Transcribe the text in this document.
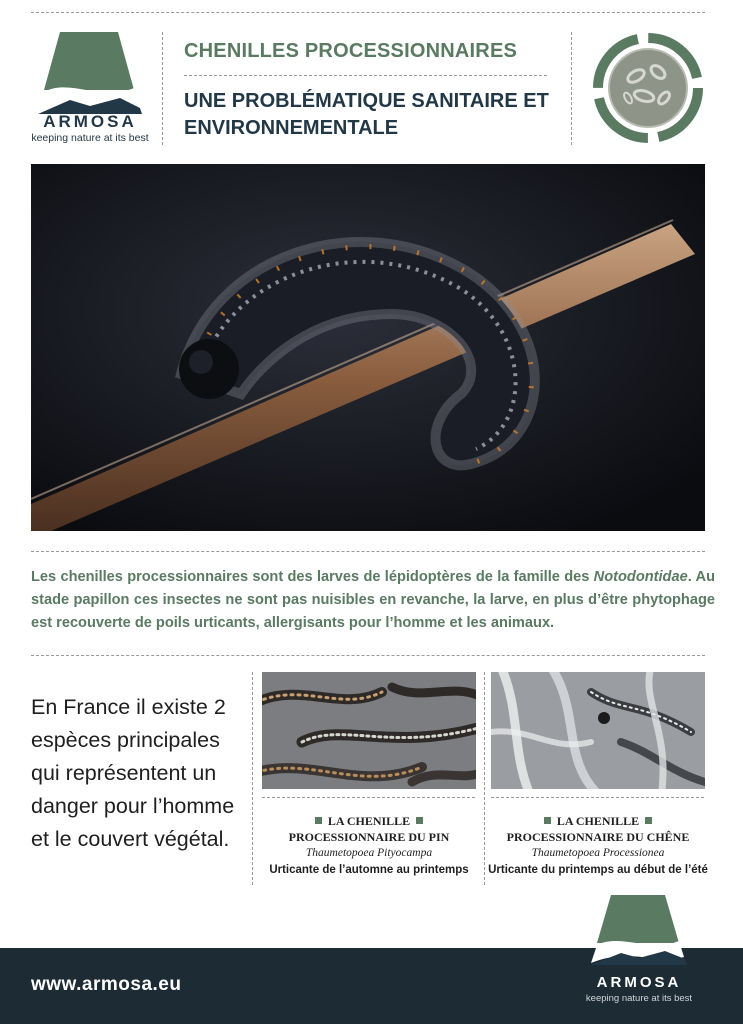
ARMOSA
keeping nature at its best
CHENILLES PROCESSIONNAIRES
UNE PROBLÉMATIQUE SANITAIRE ET ENVIRONNEMENTALE
Les chenilles processionnaires sont des larves de lépidoptères de la famille des Notodontidae. Au stade papillon ces insectes ne sont pas nuisibles en revanche, la larve, en plus d’être phytophage est recouverte de poils urticants, allergisants pour l’homme et les animaux.
En France il existe 2 espèces principales qui représentent un danger pour l’homme et le couvert végétal.
LA CHENILLE
PROCESSIONNAIRE DU PIN
Thaumetopoea Pityocampa
Urticante de l’automne au printemps
LA CHENILLE
PROCESSIONNAIRE DU CHÊNE
Thaumetopoea Processionea
Urticante du printemps au début de l’été
www.armosa.eu	ARMOSA
keeping nature at its best
